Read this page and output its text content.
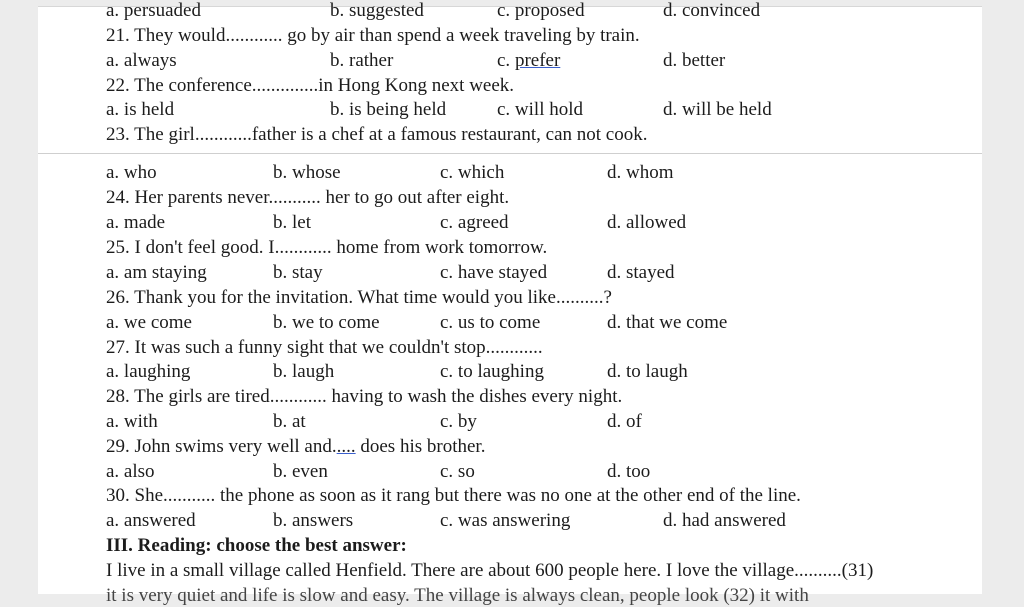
a. persuaded	b. suggested	c. proposed	d. convinced
21. They would............ go by air than spend a week traveling by train.
a. always	b. rather	c. prefer	d. better
22. The conference..............in Hong Kong next week.
a. is held	b. is being held	c. will hold	d. will be held
23. The girl............father is a chef at a famous restaurant, can not cook.
a. who	b. whose	c. which	d. whom
24. Her parents never........... her to go out after eight.
a. made	b. let	c. agreed	d. allowed
25. I don't feel good. I............ home from work tomorrow.
a. am staying	b. stay	c. have stayed	d. stayed
26. Thank you for the invitation. What time would you like..........?
a. we come	b. we to come	c. us to come	d. that we come
27. It was such a funny sight that we couldn't stop............
a. laughing	b. laugh	c. to laughing	d. to laugh
28. The girls are tired............ having to wash the dishes every night.
a. with	b. at	c. by	d. of
29. John swims very well and..... does his brother.
a. also	b. even	c. so	d. too
30. She........... the phone as soon as it rang but there was no one at the other end of the line.
a. answered	b. answers	c. was answering	d. had answered
III. Reading: choose the best answer:
I live in a small village called Henfield. There are about 600 people here. I love the village..........(31)
it is very quiet and life is slow and easy. The village is always clean, people look (32) it with
